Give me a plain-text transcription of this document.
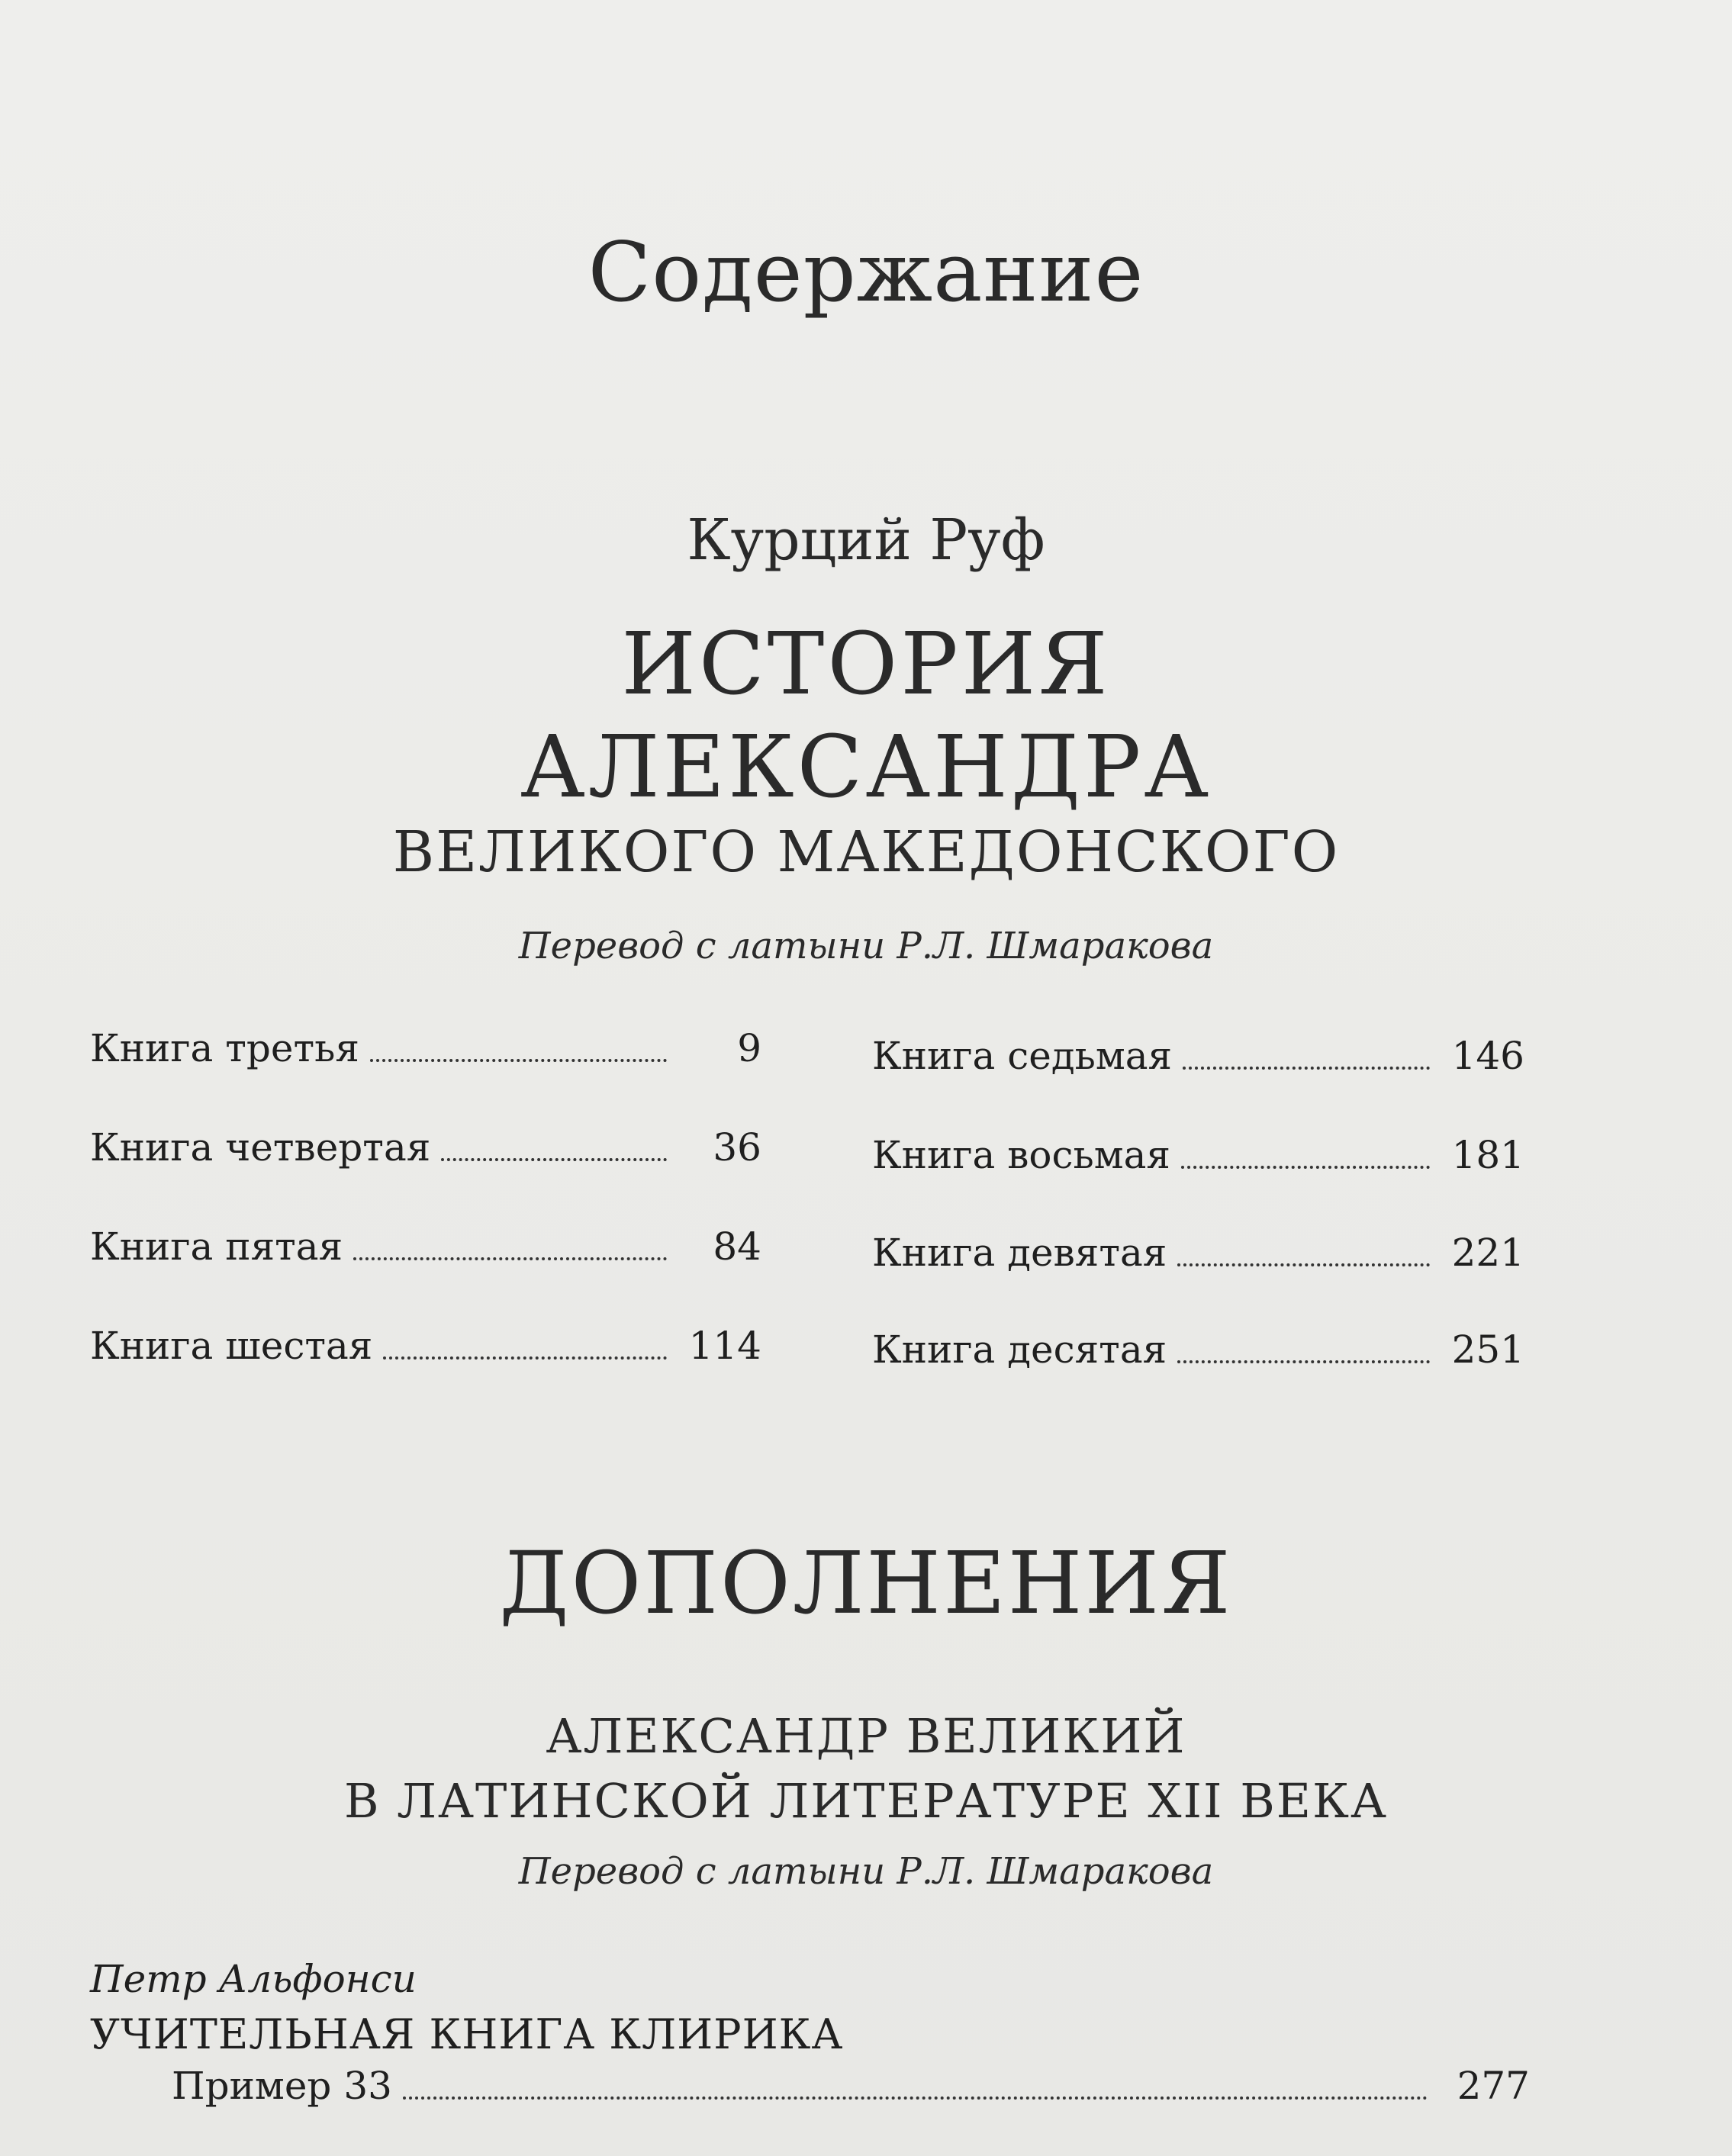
Содержание
Курций Руф
ИСТОРИЯ
АЛЕКСАНДРА
ВЕЛИКОГО МАКЕДОНСКОГО
Перевод с латыни Р.Л. Шмаракова
Книга третья	9
Книга четвертая	36
Книга пятая	84
Книга шестая	114
Книга седьмая	146
Книга восьмая	181
Книга девятая	221
Книга десятая	251
ДОПОЛНЕНИЯ
АЛЕКСАНДР ВЕЛИКИЙ
В ЛАТИНСКОЙ ЛИТЕРАТУРЕ XII ВЕКА
Перевод с латыни Р.Л. Шмаракова
Петр Альфонси
УЧИТЕЛЬНАЯ КНИГА КЛИРИКА
Пример 33	277
